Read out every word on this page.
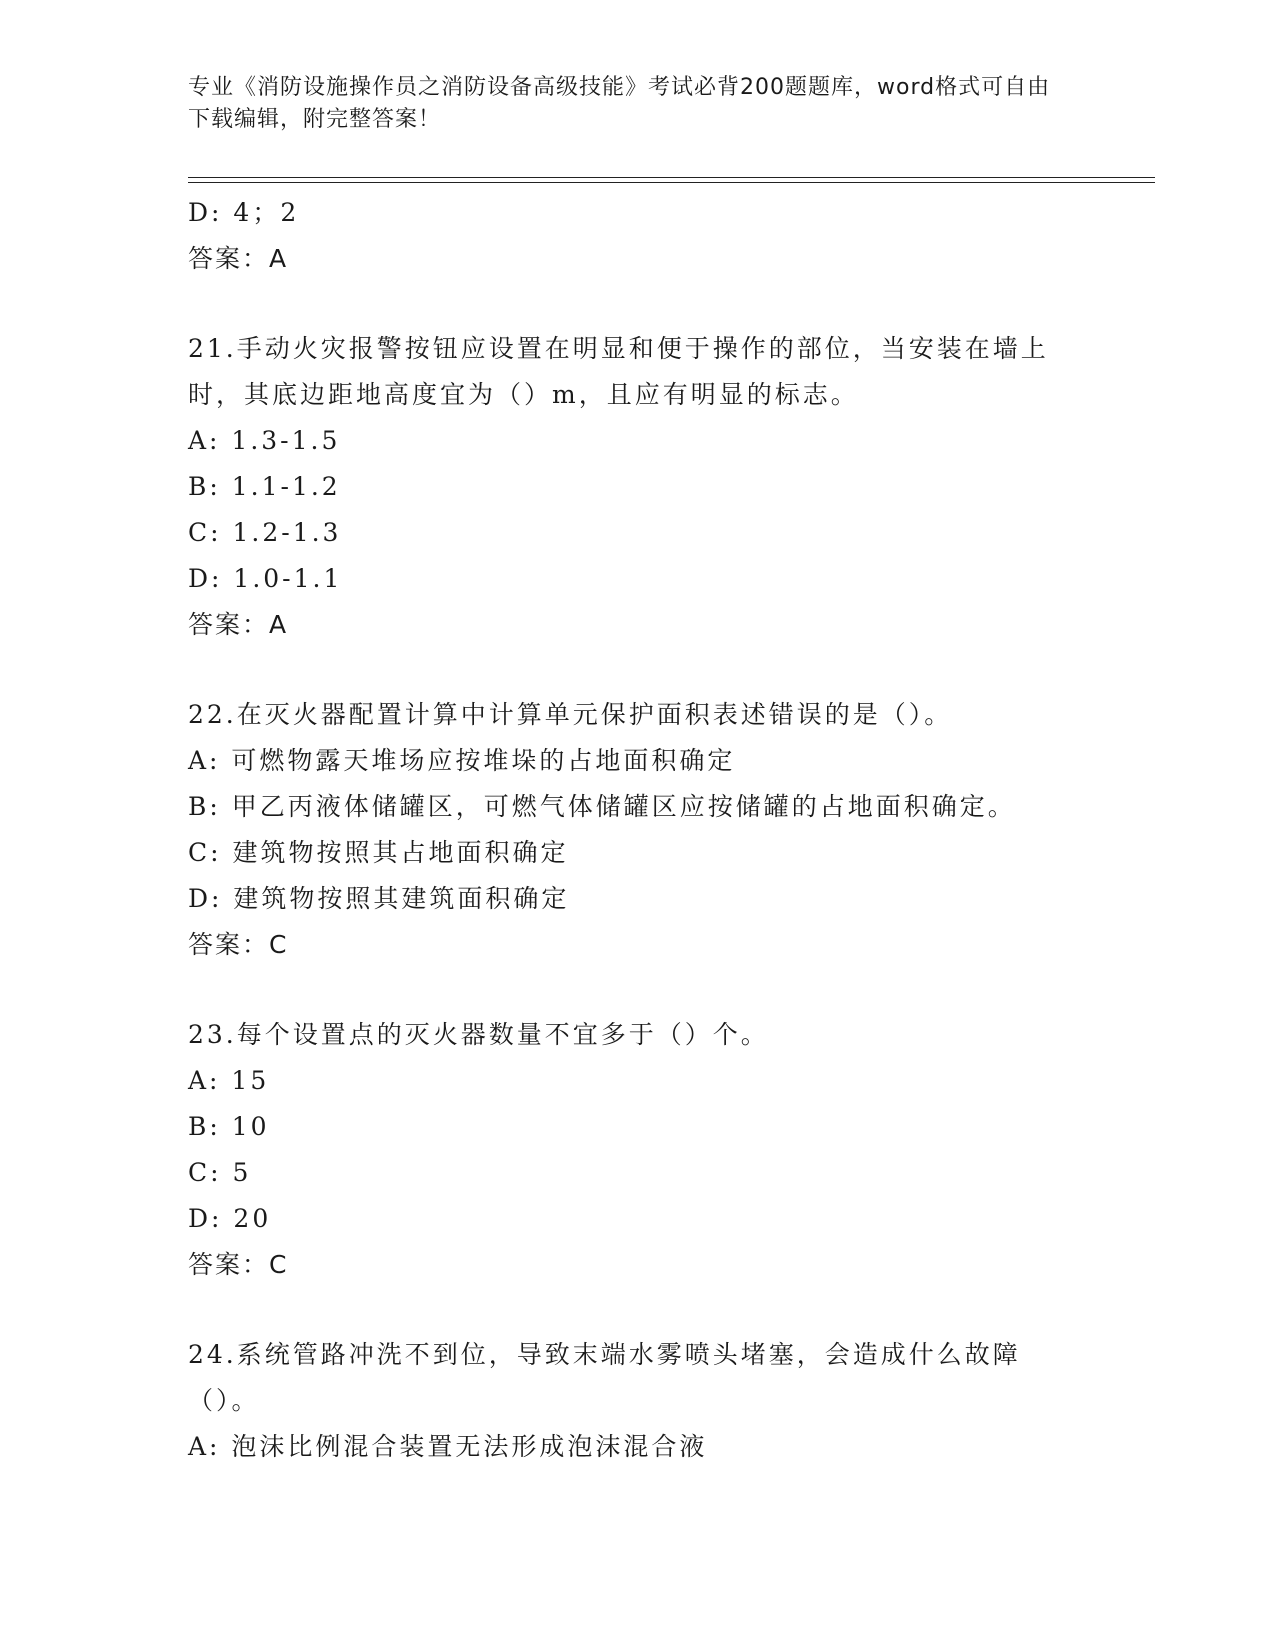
专业《消防设施操作员之消防设备高级技能》考试必背200题题库，word格式可自由下载编辑，附完整答案！
D: 4；2
答案：A
21.手动火灾报警按钮应设置在明显和便于操作的部位，当安装在墙上时，其底边距地高度宜为（）m，且应有明显的标志。
A: 1.3-1.5
B: 1.1-1.2
C: 1.2-1.3
D: 1.0-1.1
答案：A
22.在灭火器配置计算中计算单元保护面积表述错误的是（）。
A: 可燃物露天堆场应按堆垛的占地面积确定
B: 甲乙丙液体储罐区，可燃气体储罐区应按储罐的占地面积确定。
C: 建筑物按照其占地面积确定
D: 建筑物按照其建筑面积确定
答案：C
23.每个设置点的灭火器数量不宜多于（）个。
A: 15
B: 10
C: 5
D: 20
答案：C
24.系统管路冲洗不到位，导致末端水雾喷头堵塞，会造成什么故障（）。
A: 泡沫比例混合装置无法形成泡沫混合液
